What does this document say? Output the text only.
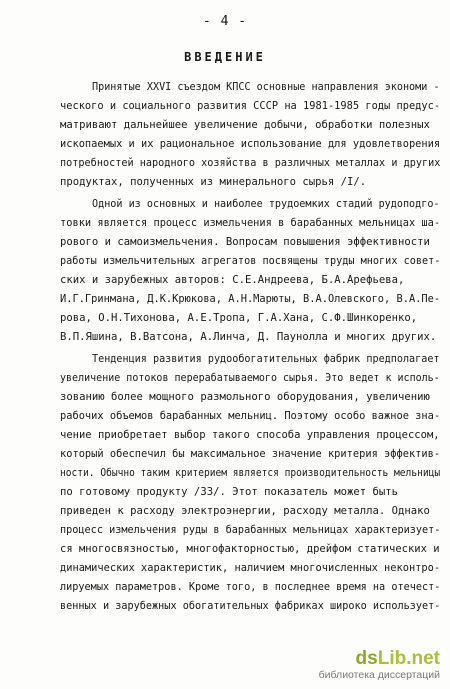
- 4 -
ВВЕДЕНИЕ
Принятые XXVI съездом КПСС основные направления экономи -
ческого и социального развития СССР на 1981-1985 годы предус-
матривают дальнейшее увеличение добычи, обработки полезных
ископаемых и их рациональное использование для удовлетворения
потребностей народного хозяйства в различных металлах и других
продуктах, полученных из минерального сырья /I/.
Одной из основных и наиболее трудоемких стадий рудоподго-
товки является процесс измельчения в барабанных мельницах ша-
рового и самоизмельчения. Вопросам повышения эффективности
работы измельчительных агрегатов посвящены труды многих совет-
ских и зарубежных авторов: С.Е.Андреева, Б.А.Арефьева,
И.Г.Гринмана, Д.К.Крюкова, А.Н.Марюты, В.А.Олевского, В.А.Пе-
рова, О.Н.Тихонова, А.Е.Тропа, Г.А.Хана, С.Ф.Шинкоренко,
В.П.Яшина, В.Ватсона, А.Линча, Д. Пауноллa и многих других.
Тенденция развития рудообогатительных фабрик предполагает
увеличение потоков перерабатываемого сырья. Это ведет к исполь-
зованию более мощного размольного оборудования, увеличению
рабочих объемов барабанных мельниц. Поэтому особо важное зна-
чение приобретает выбор такого способа управления процессом,
который обеспечил бы максимальное значение критерия эффектив-
ности. Обычно таким критерием является производительность мельницы
по готовому продукту /33/. Этот показатель может быть
приведен к расходу электроэнергии, расходу металла. Однако
процесс измельчения руды в барабанных мельницах характеризует-
ся многосвязностью, многофакторностью, дрейфом статических и
динамических характеристик, наличием многочисленных неконтро-
лируемых параметров. Кроме того, в последнее время на отечест-
венных и зарубежных обогатительных фабриках широко использует-
dsLib.net
библиотека диссертаций
